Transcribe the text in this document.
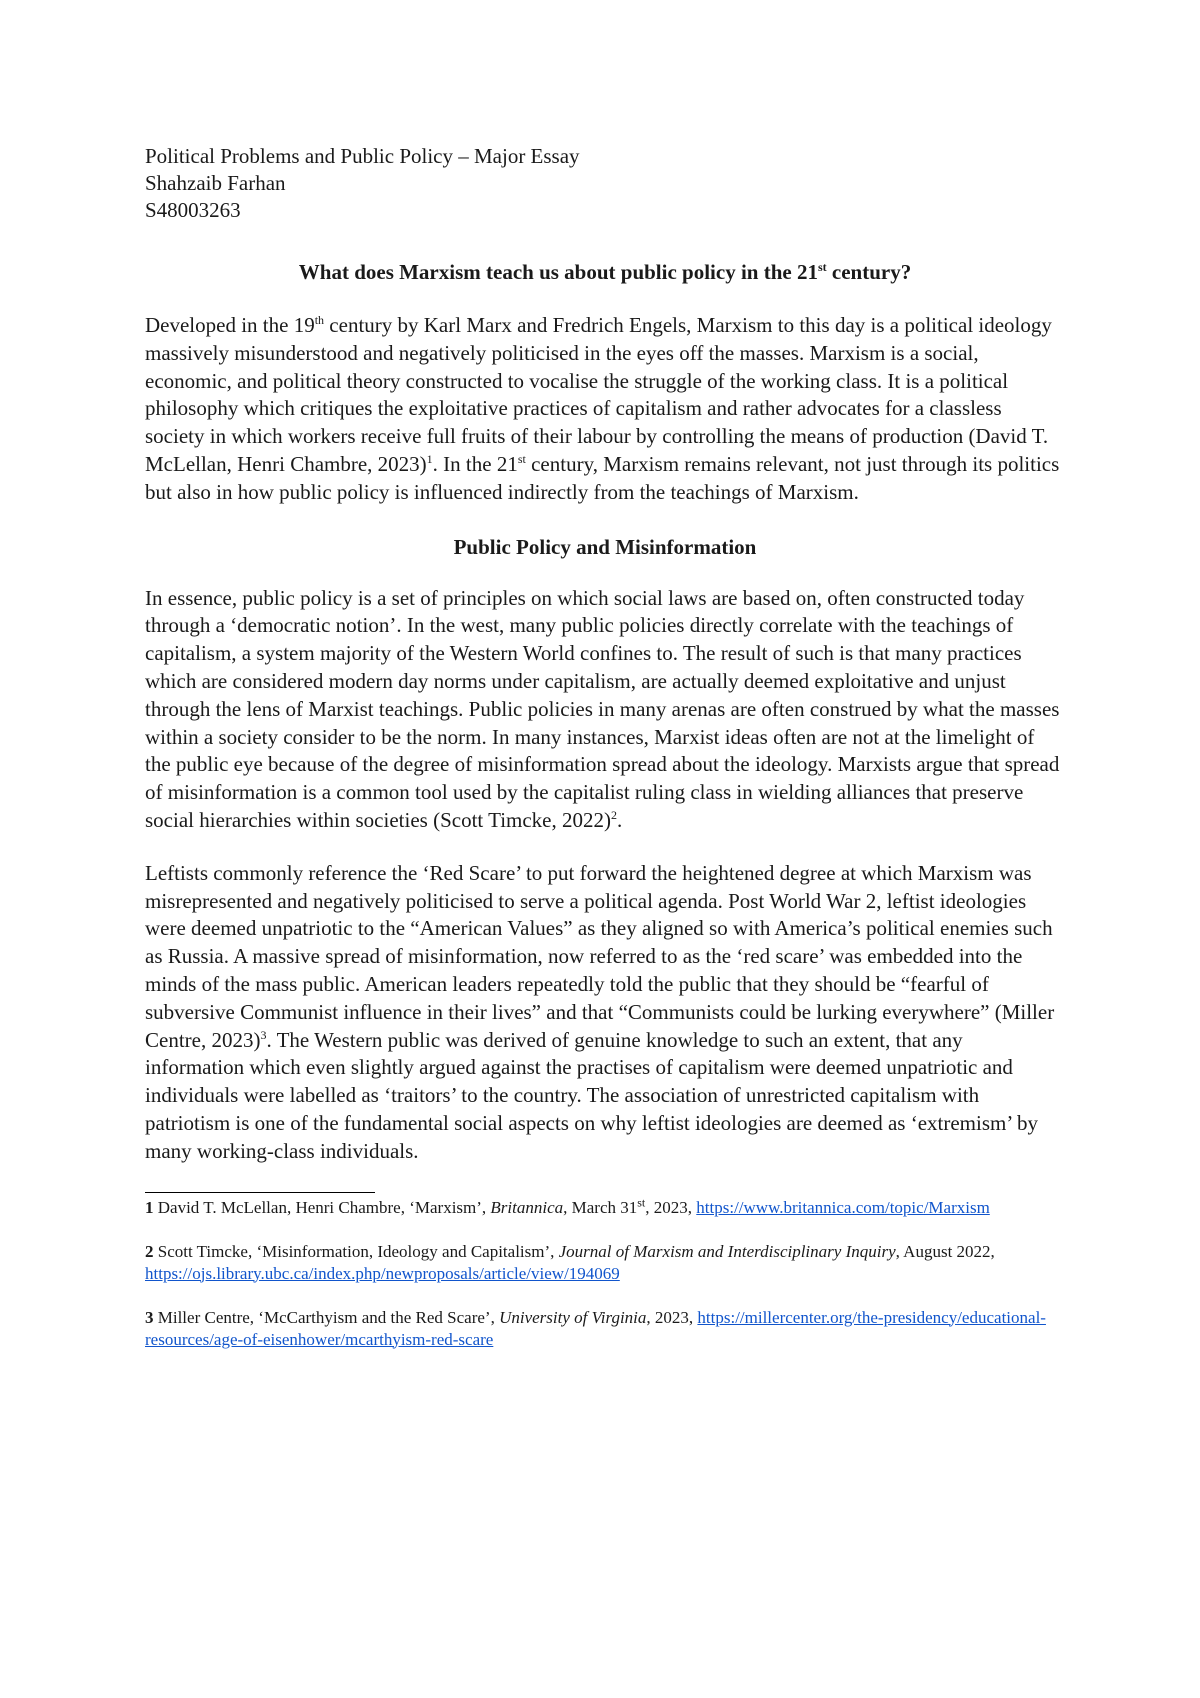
Political Problems and Public Policy – Major Essay

Shahzaib Farhan

S48003263

What does Marxism teach us about public policy in the 21st century?

Developed in the 19th century by Karl Marx and Fredrich Engels, Marxism to this day is a political ideology massively misunderstood and negatively politicised in the eyes off the masses. Marxism is a social, economic, and political theory constructed to vocalise the struggle of the working class. It is a political philosophy which critiques the exploitative practices of capitalism and rather advocates for a classless society in which workers receive full fruits of their labour by controlling the means of production (David T. McLellan, Henri Chambre, 2023)$^1$. In the 21st century, Marxism remains relevant, not just through its politics but also in how public policy is influenced indirectly from the teachings of Marxism.

Public Policy and Misinformation

In essence, public policy is a set of principles on which social laws are based on, often constructed today through a ‘democratic notion’. In the west, many public policies directly correlate with the teachings of capitalism, a system majority of the Western World confines to. The result of such is that many practices which are considered modern day norms under capitalism, are actually deemed exploitative and unjust through the lens of Marxist teachings. Public policies in many arenas are often construed by what the masses within a society consider to be the norm. In many instances, Marxist ideas often are not at the limelight of the public eye because of the degree of misinformation spread about the ideology. Marxists argue that spread of misinformation is a common tool used by the capitalist ruling class in wielding alliances that preserve social hierarchies within societies (Scott Timcke, 2022)$^2$.

Leftists commonly reference the ‘Red Scare’ to put forward the heightened degree at which Marxism was misrepresented and negatively politicised to serve a political agenda. Post World War 2, leftist ideologies were deemed unpatriotic to the “American Values” as they aligned so with America’s political enemies such as Russia. A massive spread of misinformation, now referred to as the ‘red scare’ was embedded into the minds of the mass public. American leaders repeatedly told the public that they should be “fearful of subversive Communist influence in their lives” and that “Communists could be lurking everywhere” (Miller Centre, 2023)$^3$. The Western public was derived of genuine knowledge to such an extent, that any information which even slightly argued against the practises of capitalism were deemed unpatriotic and individuals were labelled as ‘traitors’ to the country. The association of unrestricted capitalism with patriotism is one of the fundamental social aspects on why leftist ideologies are deemed as ‘extremism’ by many working-class individuals.

1 David T. McLellan, Henri Chambre, ‘Marxism’, Britannica, March 31st, 2023, https://www.britannica.com/topic/Marxism

2 Scott Timcke, ‘Misinformation, Ideology and Capitalism’, Journal of Marxism and Interdisciplinary Inquiry, August 2022, https://ojs.library.ubc.ca/index.php/newproposals/article/view/194069

3 Miller Centre, ‘McCarthyism and the Red Scare’, University of Virginia, 2023, https://millercenter.org/the-presidency/educational-resources/age-of-eisenhower/mcarthyism-red-scare
